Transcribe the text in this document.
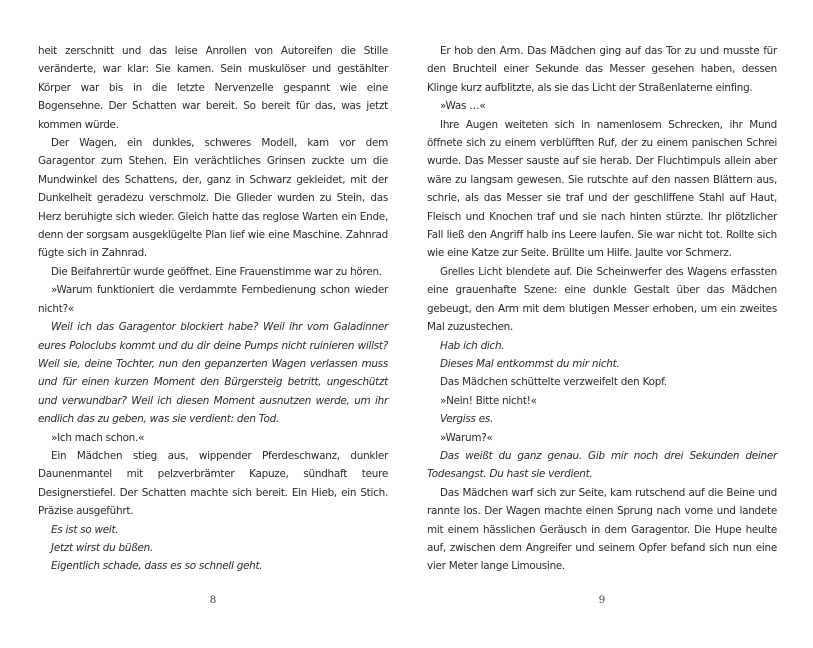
heit zerschnitt und das leise Anrollen von Autoreifen die Stille veränderte, war klar: Sie kamen. Sein muskulöser und gestählter Körper war bis in die letzte Nervenzelle gespannt wie eine Bogensehne. Der Schatten war bereit. So bereit für das, was jetzt kommen würde.

Der Wagen, ein dunkles, schweres Modell, kam vor dem Garagentor zum Stehen. Ein verächtliches Grinsen zuckte um die Mundwinkel des Schattens, der, ganz in Schwarz gekleidet, mit der Dunkelheit geradezu verschmolz. Die Glieder wurden zu Stein, das Herz beruhigte sich wieder. Gleich hatte das reglose Warten ein Ende, denn der sorgsam ausgeklügelte Plan lief wie eine Maschine. Zahnrad fügte sich in Zahnrad.

Die Beifahrertür wurde geöffnet. Eine Frauenstimme war zu hören.

»Warum funktioniert die verdammte Fernbedienung schon wieder nicht?«

Weil ich das Garagentor blockiert habe? Weil ihr vom Galadinner eures Poloclubs kommt und du dir deine Pumps nicht ruinieren willst? Weil sie, deine Tochter, nun den gepanzerten Wagen verlassen muss und für einen kurzen Moment den Bürgersteig betritt, ungeschützt und verwundbar? Weil ich diesen Moment ausnutzen werde, um ihr endlich das zu geben, was sie verdient: den Tod.

»Ich mach schon.«

Ein Mädchen stieg aus, wippender Pferdeschwanz, dunkler Daunenmantel mit pelzverbrämter Kapuze, sündhaft teure Designerstiefel. Der Schatten machte sich bereit. Ein Hieb, ein Stich. Präzise ausgeführt.

Es ist so weit.

Jetzt wirst du büßen.

Eigentlich schade, dass es so schnell geht.

8

Er hob den Arm. Das Mädchen ging auf das Tor zu und musste für den Bruchteil einer Sekunde das Messer gesehen haben, dessen Klinge kurz aufblitzte, als sie das Licht der Straßenlaterne einfing.

»Was …«

Ihre Augen weiteten sich in namenlosem Schrecken, ihr Mund öffnete sich zu einem verblüfften Ruf, der zu einem panischen Schrei wurde. Das Messer sauste auf sie herab. Der Fluchtimpuls allein aber wäre zu langsam gewesen. Sie rutschte auf den nassen Blättern aus, schrie, als das Messer sie traf und der geschliffene Stahl auf Haut, Fleisch und Knochen traf und sie nach hinten stürzte. Ihr plötzlicher Fall ließ den Angriff halb ins Leere laufen. Sie war nicht tot. Rollte sich wie eine Katze zur Seite. Brüllte um Hilfe. Jaulte vor Schmerz.

Grelles Licht blendete auf. Die Scheinwerfer des Wagens erfassten eine grauenhafte Szene: eine dunkle Gestalt über das Mädchen gebeugt, den Arm mit dem blutigen Messer erhoben, um ein zweites Mal zuzustechen.

Hab ich dich.

Dieses Mal entkommst du mir nicht.

Das Mädchen schüttelte verzweifelt den Kopf.

»Nein! Bitte nicht!«

Vergiss es.

»Warum?«

Das weißt du ganz genau. Gib mir noch drei Sekunden deiner Todesangst. Du hast sie verdient.

Das Mädchen warf sich zur Seite, kam rutschend auf die Beine und rannte los. Der Wagen machte einen Sprung nach vorne und landete mit einem hässlichen Geräusch in dem Garagentor. Die Hupe heulte auf, zwischen dem Angreifer und seinem Opfer befand sich nun eine vier Meter lange Limousine.

9
